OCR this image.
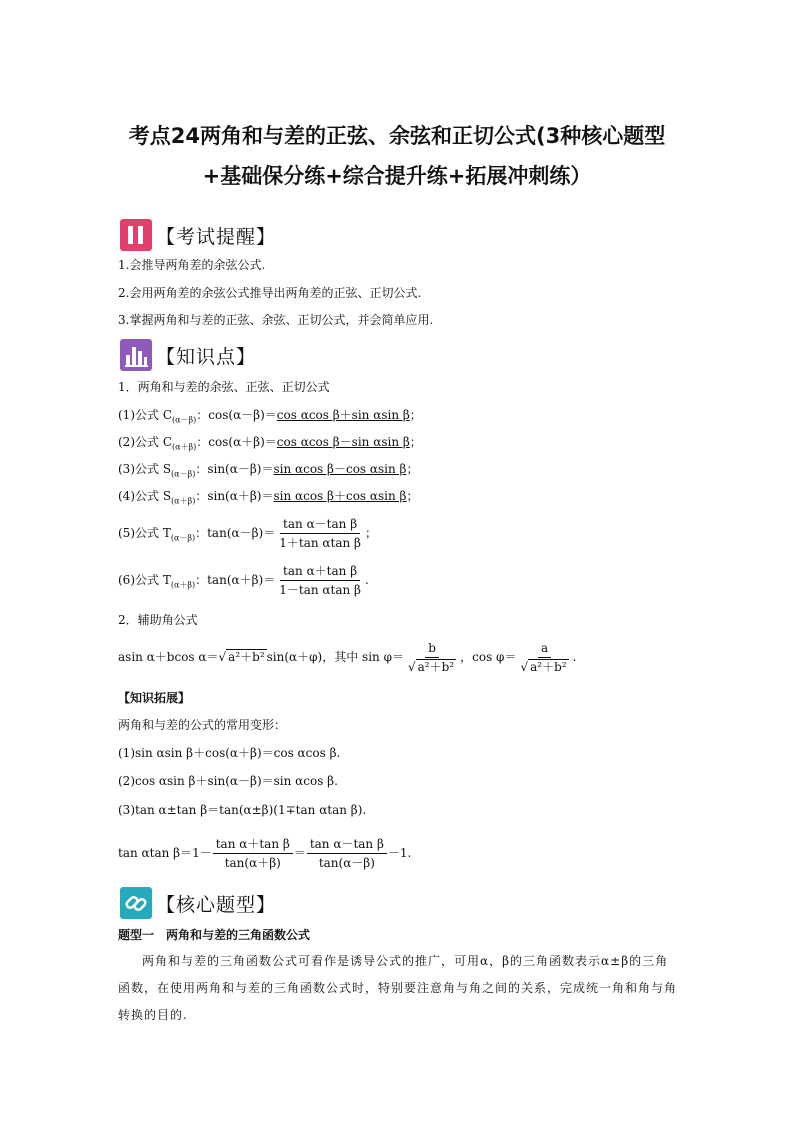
考点24两角和与差的正弦、余弦和正切公式(3种核心题型
+基础保分练+综合提升练+拓展冲刺练）
【考试提醒】
1.会推导两角差的余弦公式.
2.会用两角差的余弦公式推导出两角差的正弦、正切公式.
3.掌握两角和与差的正弦、余弦、正切公式，并会简单应用.
【知识点】
1．两角和与差的余弦、正弦、正切公式
(1)公式 $C_{(\alpha-\beta)}$：cos(α－β)＝cos αcos β＋sin αsin β；
(2)公式 $C_{(\alpha+\beta)}$：cos(α＋β)＝cos αcos β－sin αsin β；
(3)公式 $S_{(\alpha-\beta)}$：sin(α－β)＝sin αcos β－cos αsin β；
(4)公式 $S_{(\alpha+\beta)}$：sin(α＋β)＝sin αcos β＋cos αsin β；
(5)公式 $T_{(\alpha-\beta)}$：$\tan(\alpha-\beta)= \frac{\text{tan α－tan β}}{\text{1＋tan αtan β}}$ ；
(6)公式 $T_{(\alpha+\beta)}$：$\tan(\alpha+\beta)= \frac{\text{tan α＋tan β}}{\text{1－tan αtan β}}$ .
2．辅助角公式
asin α＋bcos α＝√ a²＋b² sin(α＋φ)，其中 $\sin \varphi= \frac{b}{\text{√ a²＋b²}}$ ，$\cos \varphi= \frac{a}{\text{√ a²＋b²}}$ .
【知识拓展】
两角和与差的公式的常用变形：
(1)sin αsin β＋cos(α＋β)＝cos αcos β.
(2)cos αsin β＋sin(α－β)＝sin αcos β.
(3)tan α±tan β＝tan(α±β)(1∓tan αtan β).
tan αtan $\beta=1- \frac{\text{tan α＋tan β}}{\tan(\alpha+\beta)} = \frac{\text{tan α－tan β}}{\tan(\alpha-\beta)} -1$.
【核心题型】
题型一　两角和与差的三角函数公式
两角和与差的三角函数公式可看作是诱导公式的推广，可用α，β的三角函数表示α±β的三角函数，在使用两角和与差的三角函数公式时，特别要注意角与角之间的关系，完成统一角和角与角转换的目的.
